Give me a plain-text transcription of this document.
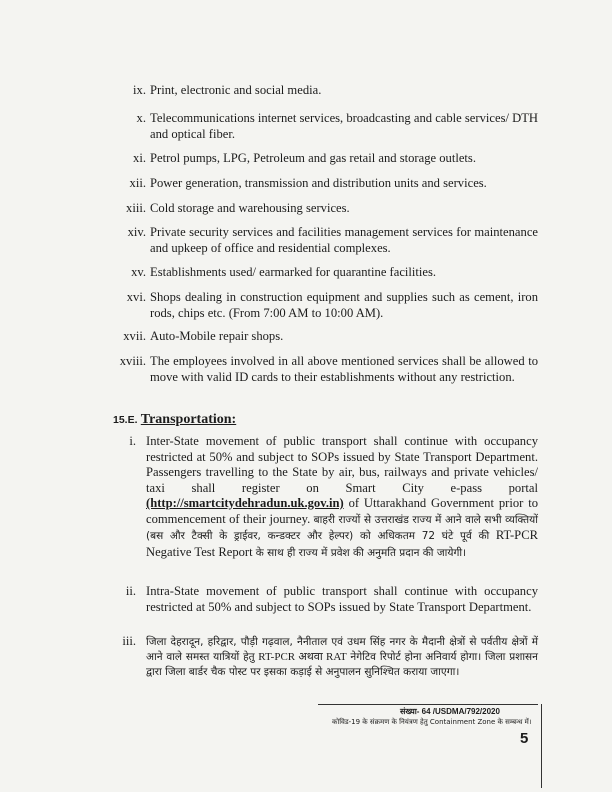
ix. Print, electronic and social media.
x. Telecommunications internet services, broadcasting and cable services/ DTH and optical fiber.
xi. Petrol pumps, LPG, Petroleum and gas retail and storage outlets.
xii. Power generation, transmission and distribution units and services.
xiii. Cold storage and warehousing services.
xiv. Private security services and facilities management services for maintenance and upkeep of office and residential complexes.
xv. Establishments used/ earmarked for quarantine facilities.
xvi. Shops dealing in construction equipment and supplies such as cement, iron rods, chips etc. (From 7:00 AM to 10:00 AM).
xvii. Auto-Mobile repair shops.
xviii. The employees involved in all above mentioned services shall be allowed to move with valid ID cards to their establishments without any restriction.
15.E. Transportation:
i. Inter-State movement of public transport shall continue with occupancy restricted at 50% and subject to SOPs issued by State Transport Department. Passengers travelling to the State by air, bus, railways and private vehicles/ taxi shall register on Smart City e-pass portal (http://smartcitydehradun.uk.gov.in) of Uttarakhand Government prior to commencement of their journey. बाहरी राज्यों से उत्तराखंड राज्य में आने वाले सभी व्यक्तियों (बस और टैक्सी के ड्राईवर, कन्डक्टर और हेल्पर) को अधिकतम 72 घंटे पूर्व की RT-PCR Negative Test Report के साथ ही राज्य में प्रवेश की अनुमति प्रदान की जायेगी।
ii. Intra-State movement of public transport shall continue with occupancy restricted at 50% and subject to SOPs issued by State Transport Department.
iii. जिला देहरादून, हरिद्वार, पौड़ी गढ़वाल, नैनीताल एवं उधम सिंह नगर के मैदानी क्षेत्रों से पर्वतीय क्षेत्रों में आने वाले समस्त यात्रियों हेतु RT-PCR अथवा RAT नेगेटिव रिपोर्ट होना अनिवार्य होगा। जिला प्रशासन द्वारा जिला बार्डर चैक पोस्ट पर इसका कड़ाई से अनुपालन सुनिश्चित कराया जाएगा।
संख्या- 64 /USDMA/792/2020
कोविड-19 के संक्रमण के नियंत्रण हेतु Containment Zone के सम्बन्ध में।
5
